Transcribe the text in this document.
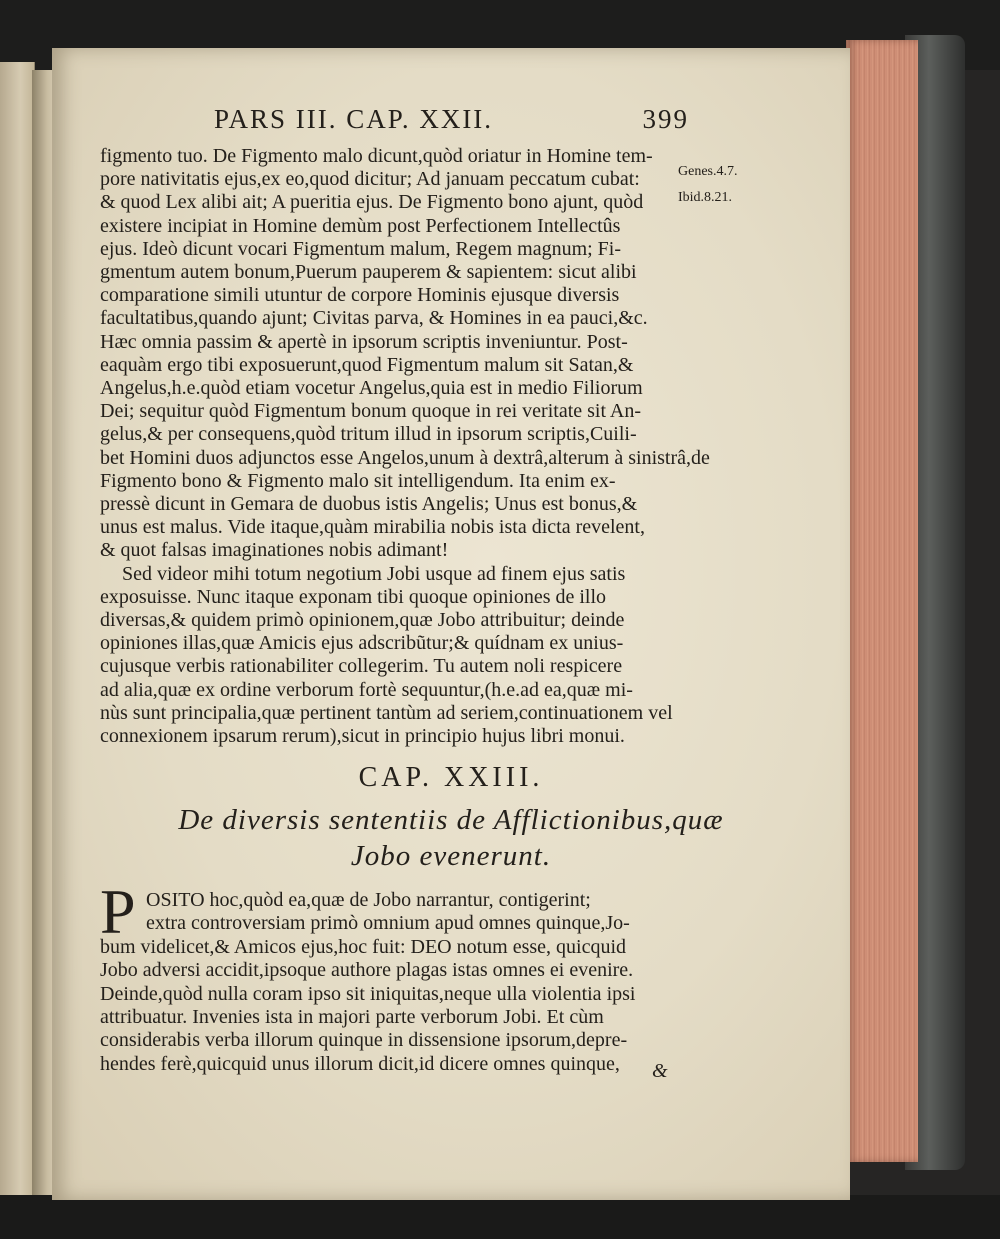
PARS III. CAP. XXII.	399
Genes.4.7.
Ibid.8.21.
figmento tuo. De Figmento malo dicunt,quòd oriatur in Homine tem-
pore nativitatis ejus,ex eo,quod dicitur; Ad januam peccatum cubat:
& quod Lex alibi ait; A pueritia ejus. De Figmento bono ajunt, quòd
existere incipiat in Homine demùm post Perfectionem Intellectûs
ejus. Ideò dicunt vocari Figmentum malum, Regem magnum; Fi-
gmentum autem bonum,Puerum pauperem & sapientem: sicut alibi
comparatione simili utuntur de corpore Hominis ejusque diversis
facultatibus,quando ajunt; Civitas parva, & Homines in ea pauci,&c.
Hæc omnia passim & apertè in ipsorum scriptis inveniuntur. Post-
eaquàm ergo tibi exposuerunt,quod Figmentum malum sit Satan,&
Angelus,h.e.quòd etiam vocetur Angelus,quia est in medio Filiorum
Dei; sequitur quòd Figmentum bonum quoque in rei veritate sit An-
gelus,& per consequens,quòd tritum illud in ipsorum scriptis,Cuili-
bet Homini duos adjunctos esse Angelos,unum à dextrâ,alterum à sinistrâ,de
Figmento bono & Figmento malo sit intelligendum. Ita enim ex-
pressè dicunt in Gemara de duobus istis Angelis; Unus est bonus,&
unus est malus. Vide itaque,quàm mirabilia nobis ista dicta revelent,
& quot falsas imaginationes nobis adimant!
Sed videor mihi totum negotium Jobi usque ad finem ejus satis
exposuisse. Nunc itaque exponam tibi quoque opiniones de illo
diversas,& quidem primò opinionem,quæ Jobo attribuitur; deinde
opiniones illas,quæ Amicis ejus adscribũtur;& quídnam ex unius-
cujusque verbis rationabiliter collegerim. Tu autem noli respicere
ad alia,quæ ex ordine verborum fortè sequuntur,(h.e.ad ea,quæ mi-
nùs sunt principalia,quæ pertinent tantùm ad seriem,continuationem vel
connexionem ipsarum rerum),sicut in principio hujus libri monui.
CAP. XXIII.
De diversis sententiis de Afflictionibus,quæ
Jobo evenerunt.
P OSITO hoc,quòd ea,quæ de Jobo narrantur, contigerint;
extra controversiam primò omnium apud omnes quinque,Jo-
bum videlicet,& Amicos ejus,hoc fuit: DEO notum esse, quicquid
Jobo adversi accidit,ipsoque authore plagas istas omnes ei evenire.
Deinde,quòd nulla coram ipso sit iniquitas,neque ulla violentia ipsi
attribuatur. Invenies ista in majori parte verborum Jobi. Et cùm
considerabis verba illorum quinque in dissensione ipsorum,depre-
hendes ferè,quicquid unus illorum dicit,id dicere omnes quinque, &
